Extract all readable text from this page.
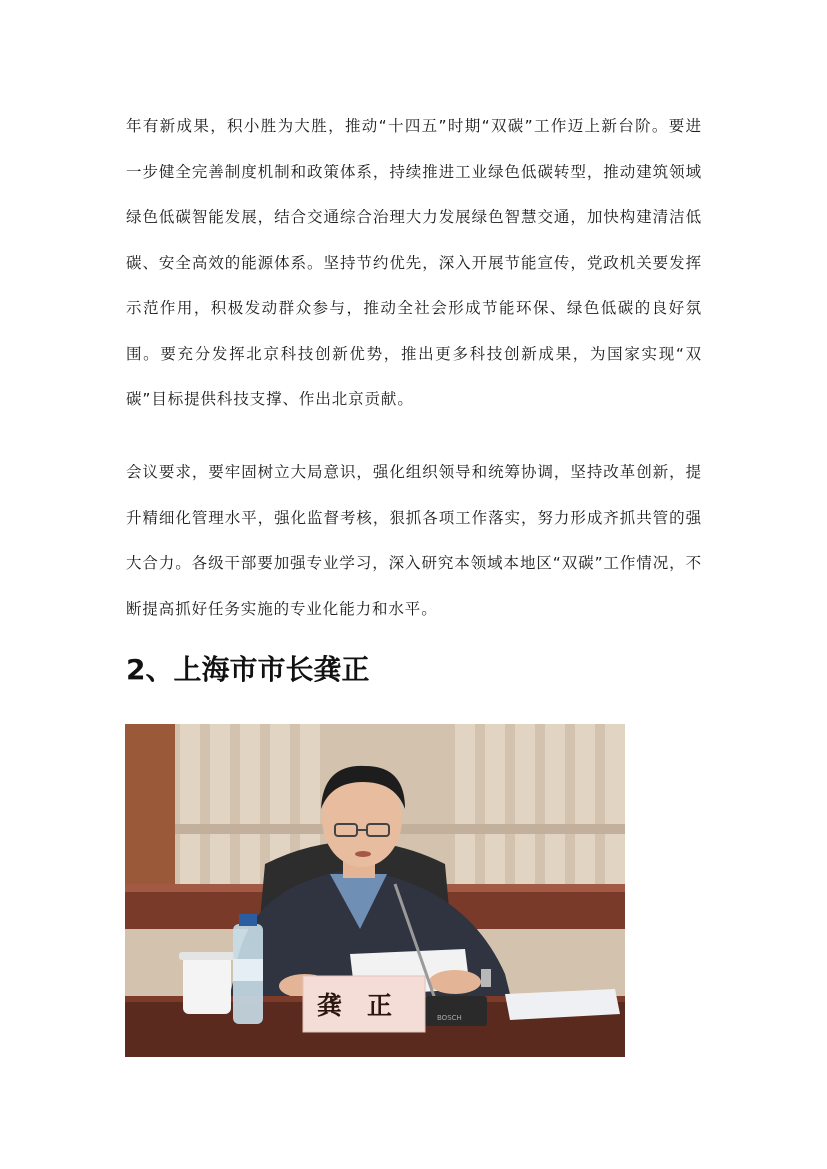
年有新成果，积小胜为大胜，推动“十四五”时期“双碳”工作迈上新台阶。要进一步健全完善制度机制和政策体系，持续推进工业绿色低碳转型，推动建筑领域绿色低碳智能发展，结合交通综合治理大力发展绿色智慧交通，加快构建清洁低碳、安全高效的能源体系。坚持节约优先，深入开展节能宣传，党政机关要发挥示范作用，积极发动群众参与，推动全社会形成节能环保、绿色低碳的良好氛围。要充分发挥北京科技创新优势，推出更多科技创新成果，为国家实现“双碳”目标提供科技支撑、作出北京贡献。

会议要求，要牢固树立大局意识，强化组织领导和统筹协调，坚持改革创新，提升精细化管理水平，强化监督考核，狠抓各项工作落实，努力形成齐抓共管的强大合力。各级干部要加强专业学习，深入研究本领域本地区“双碳”工作情况，不断提高抓好任务实施的专业化能力和水平。

2、上海市市长龚正
BOSCH
龚　正
